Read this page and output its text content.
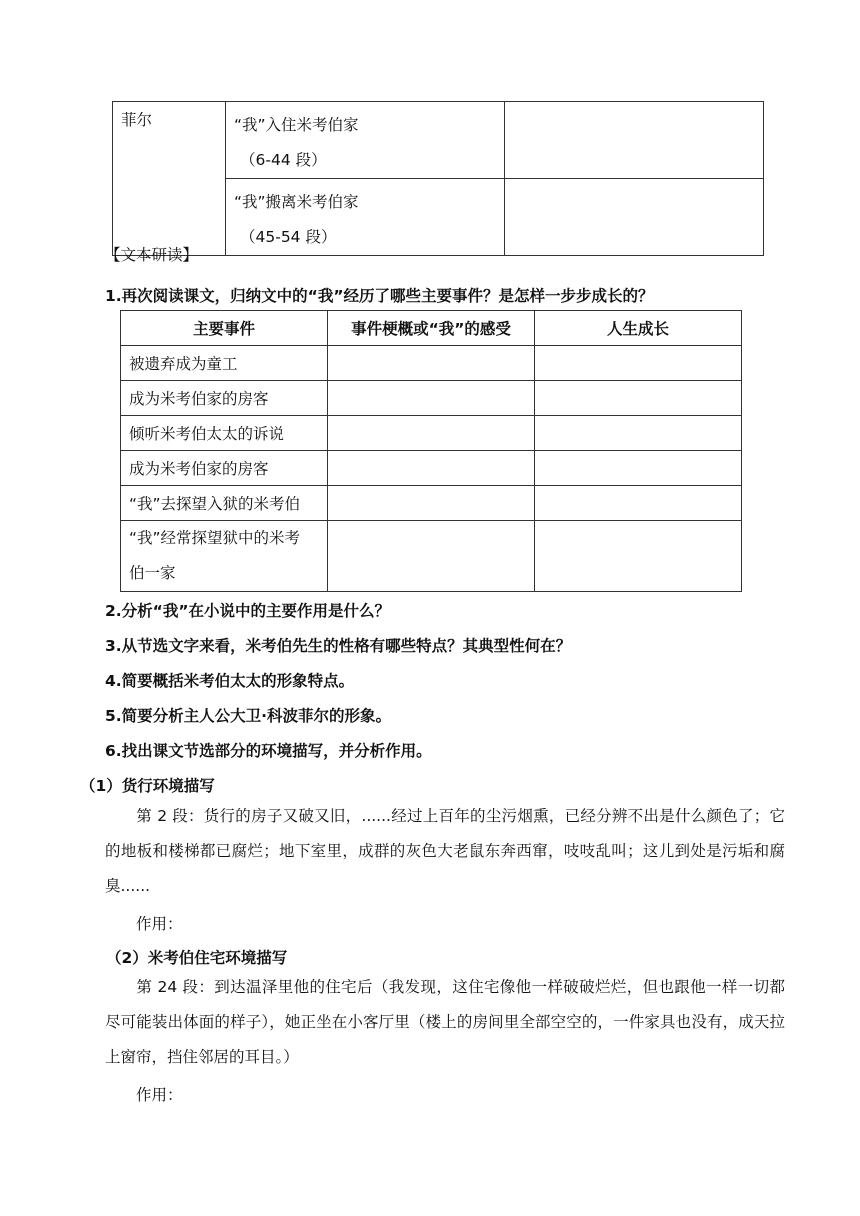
菲尔	“我”入住米考伯家
（6-44 段）	

	“我”搬离米考伯家
（45-54 段）	

【文本研读】
1.再次阅读课文，归纳文中的“我”经历了哪些主要事件？是怎样一步步成长的？
主要事件	事件梗概或“我”的感受	人生成长
被遗弃成为童工		
成为米考伯家的房客		
倾听米考伯太太的诉说		
成为米考伯家的房客		
“我”去探望入狱的米考伯		

“我”经常探望狱中的米考
伯一家		

2.分析“我”在小说中的主要作用是什么？
3.从节选文字来看，米考伯先生的性格有哪些特点？其典型性何在？
4.简要概括米考伯太太的形象特点。
5.简要分析主人公大卫·科波菲尔的形象。
6.找出课文节选部分的环境描写，并分析作用。
（1）货行环境描写
第 2 段：货行的房子又破又旧，......经过上百年的尘污烟熏，已经分辨不出是什么颜色了；它的地板和楼梯都已腐烂；地下室里，成群的灰色大老鼠东奔西窜，吱吱乱叫；这儿到处是污垢和腐臭......
作用：
（2）米考伯住宅环境描写
第 24 段：到达温泽里他的住宅后（我发现，这住宅像他一样破破烂烂，但也跟他一样一切都尽可能装出体面的样子），她正坐在小客厅里（楼上的房间里全部空空的，一件家具也没有，成天拉上窗帘，挡住邻居的耳目。）
作用：
